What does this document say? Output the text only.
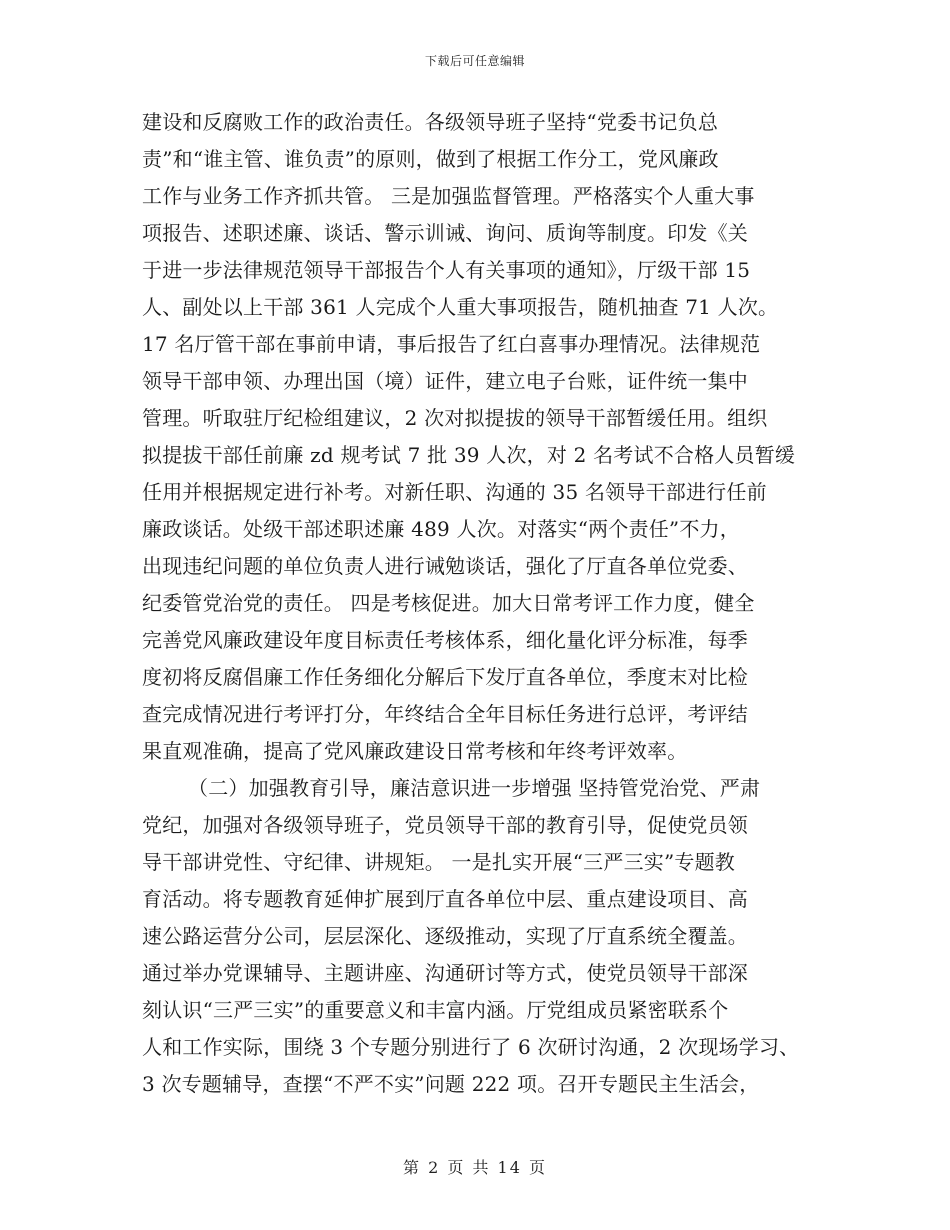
下载后可任意编辑
建设和反腐败工作的政治责任。各级领导班子坚持“党委书记负总
责”和“谁主管、谁负责”的原则，做到了根据工作分工，党风廉政
工作与业务工作齐抓共管。 三是加强监督管理。严格落实个人重大事
项报告、述职述廉、谈话、警示训诫、询问、质询等制度。印发《关
于进一步法律规范领导干部报告个人有关事项的通知》，厅级干部 15
人、副处以上干部 361 人完成个人重大事项报告，随机抽查 71 人次。
17 名厅管干部在事前申请，事后报告了红白喜事办理情况。法律规范
领导干部申领、办理出国（境）证件，建立电子台账，证件统一集中
管理。听取驻厅纪检组建议，2 次对拟提拔的领导干部暂缓任用。组织
拟提拔干部任前廉 zd 规考试 7 批 39 人次，对 2 名考试不合格人员暂缓
任用并根据规定进行补考。对新任职、沟通的 35 名领导干部进行任前
廉政谈话。处级干部述职述廉 489 人次。对落实“两个责任”不力，
出现违纪问题的单位负责人进行诫勉谈话，强化了厅直各单位党委、
纪委管党治党的责任。 四是考核促进。加大日常考评工作力度，健全
完善党风廉政建设年度目标责任考核体系，细化量化评分标准，每季
度初将反腐倡廉工作任务细化分解后下发厅直各单位，季度末对比检
查完成情况进行考评打分，年终结合全年目标任务进行总评，考评结
果直观准确，提高了党风廉政建设日常考核和年终考评效率。
（二）加强教育引导，廉洁意识进一步增强 坚持管党治党、严肃
党纪，加强对各级领导班子，党员领导干部的教育引导，促使党员领
导干部讲党性、守纪律、讲规矩。 一是扎实开展“三严三实”专题教
育活动。将专题教育延伸扩展到厅直各单位中层、重点建设项目、高
速公路运营分公司，层层深化、逐级推动，实现了厅直系统全覆盖。
通过举办党课辅导、主题讲座、沟通研讨等方式，使党员领导干部深
刻认识“三严三实”的重要意义和丰富内涵。厅党组成员紧密联系个
人和工作实际，围绕 3 个专题分别进行了 6 次研讨沟通，2 次现场学习、
3 次专题辅导，查摆“不严不实”问题 222 项。召开专题民主生活会，
第 2 页 共 14 页
